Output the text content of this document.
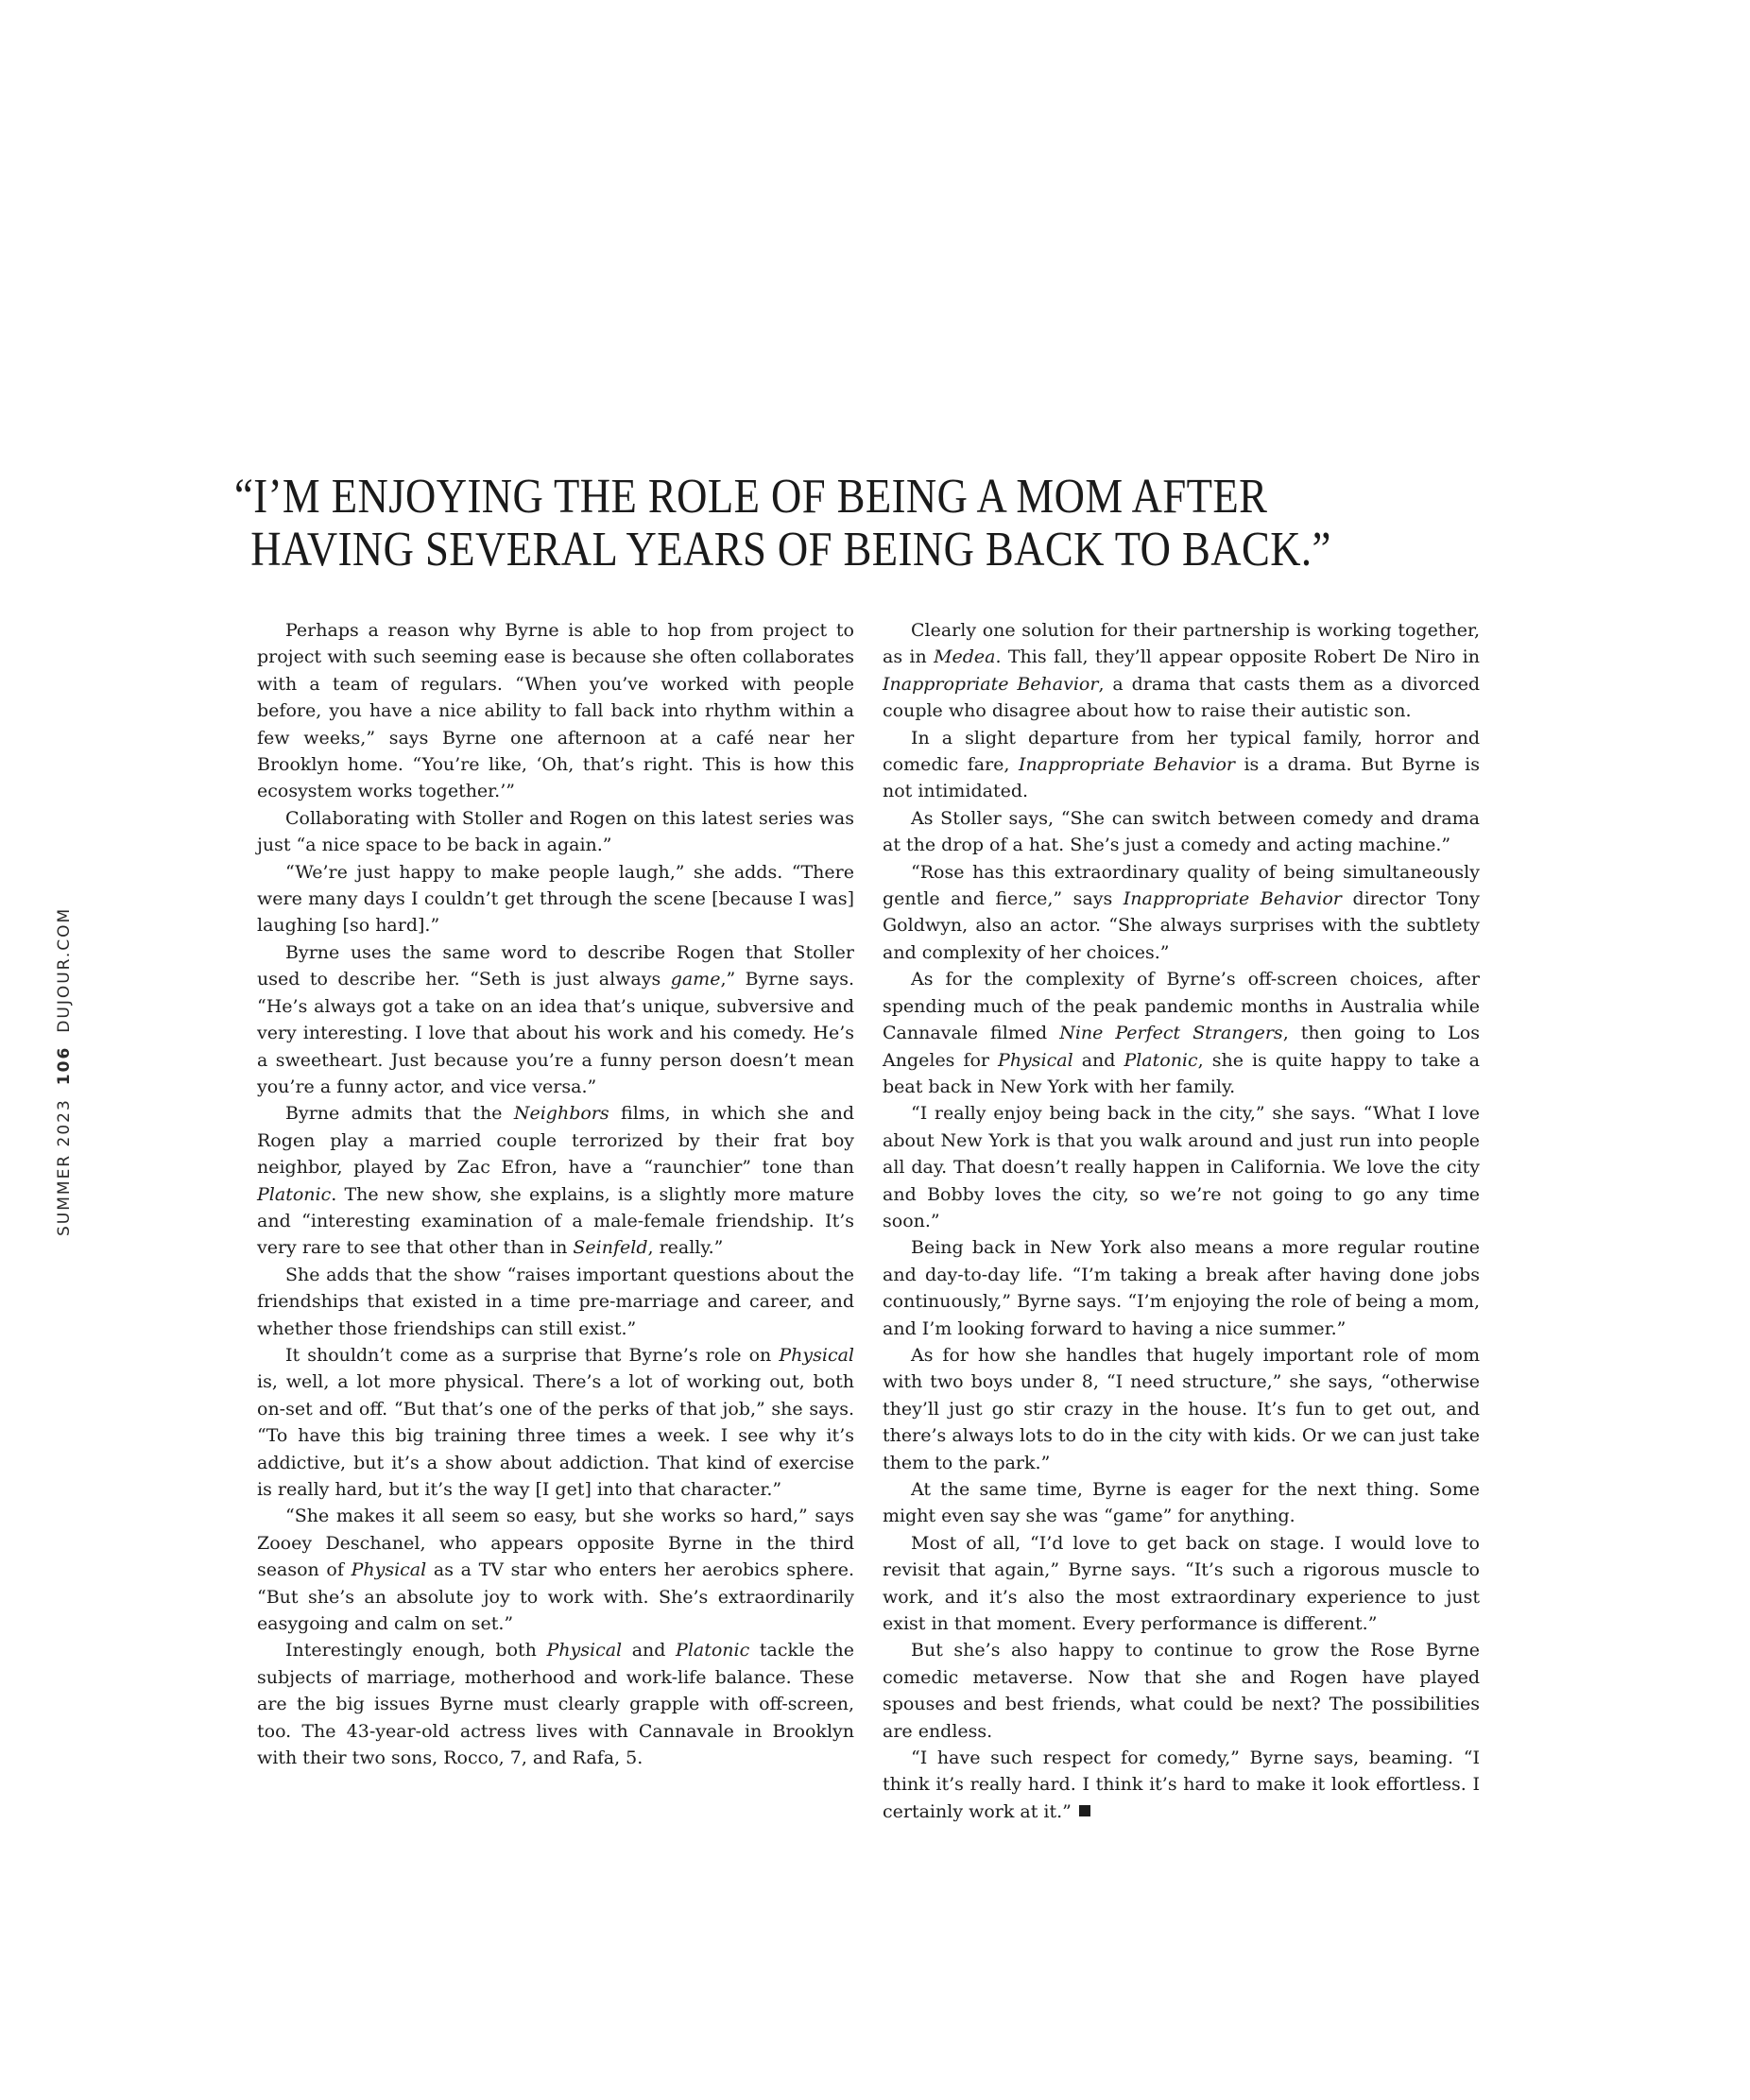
“I’M ENJOYING THE ROLE OF BEING A MOM AFTER
HAVING SEVERAL YEARS OF BEING BACK TO BACK.”
SUMMER 2023106DUJOUR.COM

Perhaps a reason why Byrne is able to hop from project to project with such seeming ease is because she often collaborates with a team of regulars. “When you’ve worked with people before, you have a nice ability to fall back into rhythm within a few weeks,” says Byrne one afternoon at a café near her Brooklyn home. “You’re like, ‘Oh, that’s right. This is how this ecosystem works together.’”

Collaborating with Stoller and Rogen on this latest series was just “a nice space to be back in again.”

“We’re just happy to make people laugh,” she adds. “There were many days I couldn’t get through the scene [because I was] laughing [so hard].”

Byrne uses the same word to describe Rogen that Stoller used to describe her. “Seth is just always game,” Byrne says. “He’s always got a take on an idea that’s unique, subversive and very interesting. I love that about his work and his comedy. He’s a sweetheart. Just because you’re a funny person doesn’t mean you’re a funny actor, and vice versa.”

Byrne admits that the Neighbors films, in which she and Rogen play a married couple terrorized by their frat boy neighbor, played by Zac Efron, have a “raunchier” tone than Platonic. The new show, she explains, is a slightly more mature and “interesting examination of a male-female friendship. It’s very rare to see that other than in Seinfeld, really.”

She adds that the show “raises important questions about the friendships that existed in a time pre-marriage and career, and whether those friendships can still exist.”

It shouldn’t come as a surprise that Byrne’s role on Physical is, well, a lot more physical. There’s a lot of working out, both on-set and off. “But that’s one of the perks of that job,” she says. “To have this big training three times a week. I see why it’s addictive, but it’s a show about addiction. That kind of exercise is really hard, but it’s the way [I get] into that character.”

“She makes it all seem so easy, but she works so hard,” says Zooey Deschanel, who appears opposite Byrne in the third season of Physical as a TV star who enters her aerobics sphere. “But she’s an absolute joy to work with. She’s extraordinarily easygoing and calm on set.”

Interestingly enough, both Physical and Platonic tackle the subjects of marriage, motherhood and work-life balance. These are the big issues Byrne must clearly grapple with off-screen, too. The 43-year-old actress lives with Cannavale in Brooklyn with their two sons, Rocco, 7, and Rafa, 5.

Clearly one solution for their partnership is working together, as in Medea. This fall, they’ll appear opposite Robert De Niro in Inappropriate Behavior, a drama that casts them as a divorced couple who disagree about how to raise their autistic son.

In a slight departure from her typical family, horror and comedic fare, Inappropriate Behavior is a drama. But Byrne is not intimidated.

As Stoller says, “She can switch between comedy and drama at the drop of a hat. She’s just a comedy and acting machine.”

“Rose has this extraordinary quality of being simultaneously gentle and fierce,” says Inappropriate Behavior director Tony Goldwyn, also an actor. “She always surprises with the subtlety and complexity of her choices.”

As for the complexity of Byrne’s off-screen choices, after spending much of the peak pandemic months in Australia while Cannavale filmed Nine Perfect Strangers, then going to Los Angeles for Physical and Platonic, she is quite happy to take a beat back in New York with her family.

“I really enjoy being back in the city,” she says. “What I love about New York is that you walk around and just run into people all day. That doesn’t really happen in California. We love the city and Bobby loves the city, so we’re not going to go any time soon.”

Being back in New York also means a more regular routine and day-to-day life. “I’m taking a break after having done jobs continuously,” Byrne says. “I’m enjoying the role of being a mom, and I’m looking forward to having a nice summer.”

As for how she handles that hugely important role of mom with two boys under 8, “I need structure,” she says, “otherwise they’ll just go stir crazy in the house. It’s fun to get out, and there’s always lots to do in the city with kids. Or we can just take them to the park.”

At the same time, Byrne is eager for the next thing. Some might even say she was “game” for anything.

Most of all, “I’d love to get back on stage. I would love to revisit that again,” Byrne says. “It’s such a rigorous muscle to work, and it’s also the most extraordinary experience to just exist in that moment. Every performance is different.”

But she’s also happy to continue to grow the Rose Byrne comedic metaverse. Now that she and Rogen have played spouses and best friends, what could be next? The possibilities are endless.

“I have such respect for comedy,” Byrne says, beaming. “I think it’s really hard. I think it’s hard to make it look effortless. I certainly work at it.”
